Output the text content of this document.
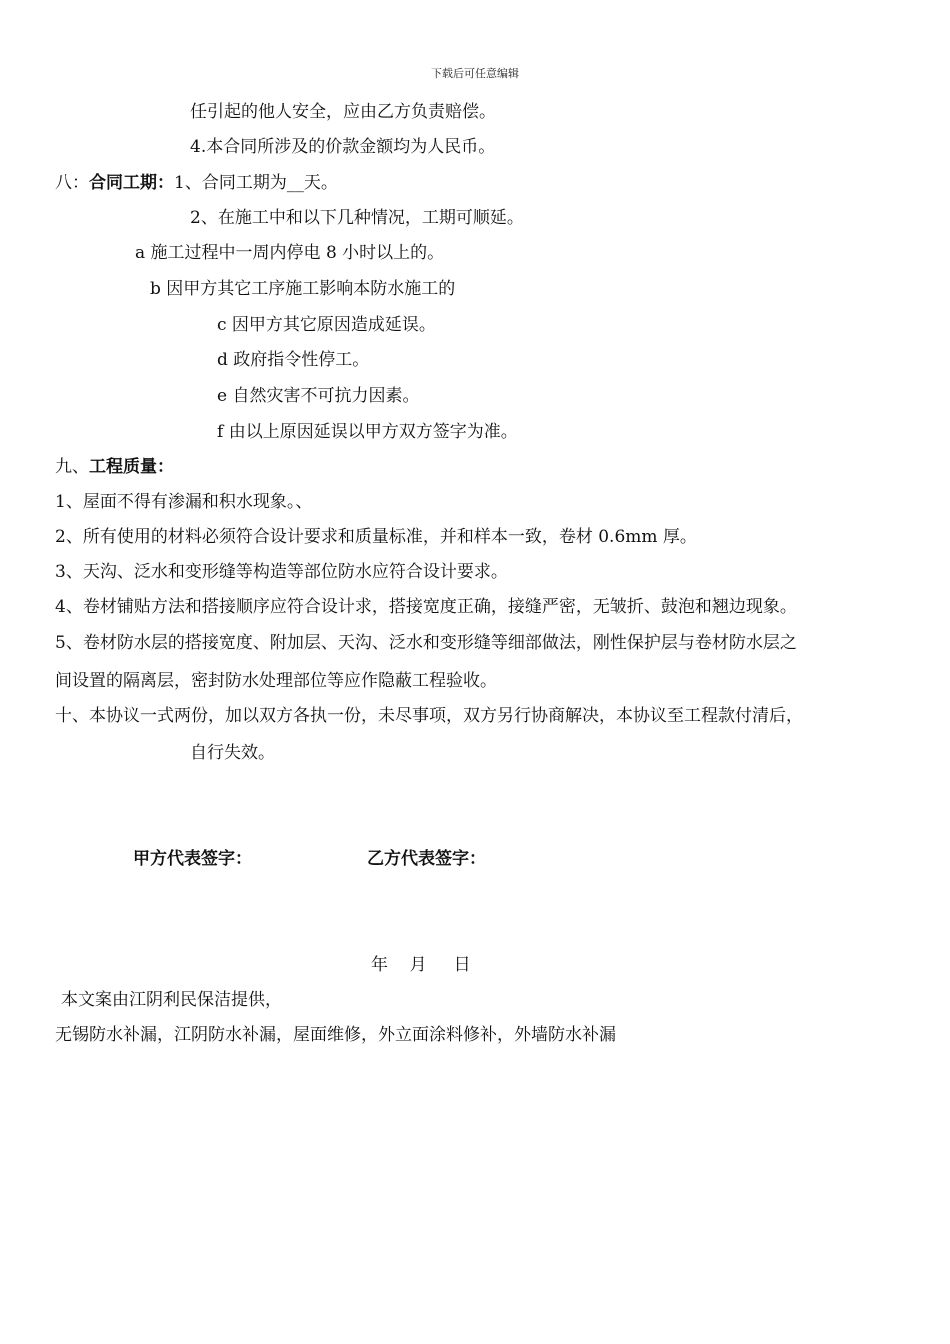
下载后可任意编辑
任引起的他人安全，应由乙方负责赔偿。
4.本合同所涉及的价款金额均为人民币。
八：合同工期：1、合同工期为__天。
2、在施工中和以下几种情况，工期可顺延。
a 施工过程中一周内停电 8 小时以上的。
b 因甲方其它工序施工影响本防水施工的
c 因甲方其它原因造成延误。
d 政府指令性停工。
e 自然灾害不可抗力因素。
f 由以上原因延误以甲方双方签字为准。
九、工程质量：
1、屋面不得有渗漏和积水现象。、
2、所有使用的材料必须符合设计要求和质量标准，并和样本一致，卷材 0.6mm 厚。
3、天沟、泛水和变形缝等构造等部位防水应符合设计要求。
4、卷材铺贴方法和搭接顺序应符合设计求，搭接宽度正确，接缝严密，无皱折、鼓泡和翘边现象。
5、卷材防水层的搭接宽度、附加层、天沟、泛水和变形缝等细部做法，刚性保护层与卷材防水层之
间设置的隔离层，密封防水处理部位等应作隐蔽工程验收。
十、本协议一式两份，加以双方各执一份，未尽事项，双方另行协商解决，本协议至工程款付清后，
自行失效。
甲方代表签字：	乙方代表签字：
年    月     日
本文案由江阴利民保洁提供，
无锡防水补漏，江阴防水补漏，屋面维修，外立面涂料修补，外墙防水补漏
